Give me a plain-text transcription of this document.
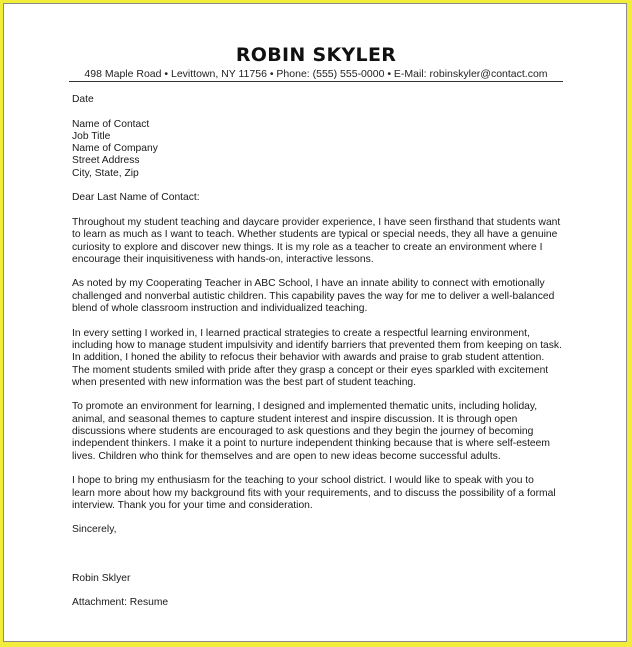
ROBIN SKYLER
498 Maple Road • Levittown, NY 11756 • Phone: (555) 555-0000 • E-Mail: robinskyler@contact.com

Date

Name of Contact

Job Title

Name of Company

Street Address

City, State, Zip

Dear Last Name of Contact:

Throughout my student teaching and daycare provider experience, I have seen firsthand that students want

to learn as much as I want to teach. Whether students are typical or special needs, they all have a genuine

curiosity to explore and discover new things. It is my role as a teacher to create an environment where I

encourage their inquisitiveness with hands-on, interactive lessons.

As noted by my Cooperating Teacher in ABC School, I have an innate ability to connect with emotionally

challenged and nonverbal autistic children. This capability paves the way for me to deliver a well-balanced

blend of whole classroom instruction and individualized teaching.

In every setting I worked in, I learned practical strategies to create a respectful learning environment,

including how to manage student impulsivity and identify barriers that prevented them from keeping on task.

In addition, I honed the ability to refocus their behavior with awards and praise to grab student attention.

The moment students smiled with pride after they grasp a concept or their eyes sparkled with excitement

when presented with new information was the best part of student teaching.

To promote an environment for learning, I designed and implemented thematic units, including holiday,

animal, and seasonal themes to capture student interest and inspire discussion. It is through open

discussions where students are encouraged to ask questions and they begin the journey of becoming

independent thinkers. I make it a point to nurture independent thinking because that is where self-esteem

lives. Children who think for themselves and are open to new ideas become successful adults.

I hope to bring my enthusiasm for the teaching to your school district. I would like to speak with you to

learn more about how my background fits with your requirements, and to discuss the possibility of a formal

interview. Thank you for your time and consideration.

Sincerely,

Robin Sklyer

Attachment: Resume
